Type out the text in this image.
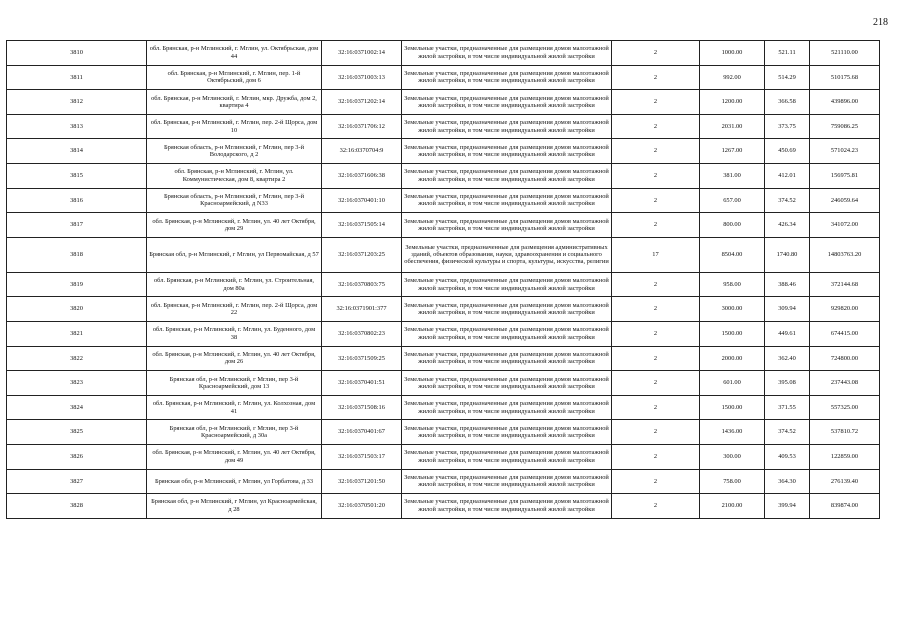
218
3810	обл. Брянская, р-н Мглинский, г. Мглин, ул. Октябрьская, дом 44	32:16:0371002:14	Земельные участки, предназначенные для размещения домов малоэтажной жилой застройки, в том числе индивидуальной жилой застройки	2	1000.00	521.11	521110.00
3811	обл. Брянская, р-н Мглинский, г. Мглин, пер. 1-й Октябрьский, дом 6	32:16:0371003:13	Земельные участки, предназначенные для размещения домов малоэтажной жилой застройки, в том числе индивидуальной жилой застройки	2	992.00	514.29	510175.68
3812	обл. Брянская, р-н Мглинский, г. Мглин, мкр. Дружба, дом 2, квартира 4	32:16:0371202:14	Земельные участки, предназначенные для размещения домов малоэтажной жилой застройки, в том числе индивидуальной жилой застройки	2	1200.00	366.58	439896.00
3813	обл. Брянская, р-н Мглинский, г. Мглин, пер. 2-й Щорса, дом 10	32:16:0371706:12	Земельные участки, предназначенные для размещения домов малоэтажной жилой застройки, в том числе индивидуальной жилой застройки	2	2031.00	373.75	759086.25
3814	Брянская область, р-н Мглинский, г Мглин, пер 3-й Володарского, д 2	32:16:0370704:9	Земельные участки, предназначенные для размещения домов малоэтажной жилой застройки, в том числе индивидуальной жилой застройки	2	1267.00	450.69	571024.23
3815	обл. Брянская, р-н Мглинский, г. Мглин, ул. Коммунистическая, дом 8, квартира 2	32:16:0371606:38	Земельные участки, предназначенные для размещения домов малоэтажной жилой застройки, в том числе индивидуальной жилой застройки	2	381.00	412.01	156975.81
3816	Брянская область, р-н Мглинский, г Мглин, пер 3-й Красноармейский, д N33	32:16:0370401:10	Земельные участки, предназначенные для размещения домов малоэтажной жилой застройки, в том числе индивидуальной жилой застройки	2	657.00	374.52	246059.64
3817	обл. Брянская, р-н Мглинский, г. Мглин, ул. 40 лет Октября, дом 29	32:16:0371505:14	Земельные участки, предназначенные для размещения домов малоэтажной жилой застройки, в том числе индивидуальной жилой застройки	2	800.00	426.34	341072.00
3818	Брянская обл, р-н Мглинский, г Мглин, ул Первомайская, д 57	32:16:0371203:25	Земельные участки, предназначенные для размещения административных зданий, объектов образования, науки, здравоохранения и социального обеспечения, физической культуры и спорта, культуры, искусства, религии	17	8504.00	1740.80	14803763.20
3819	обл. Брянская, р-н Мглинский, г. Мглин, ул. Строительная, дом 80а	32:16:0370803:75	Земельные участки, предназначенные для размещения домов малоэтажной жилой застройки, в том числе индивидуальной жилой застройки	2	958.00	388.46	372144.68
3820	обл. Брянская, р-н Мглинский, г. Мглин, пер. 2-й Щорса, дом 22	32:16:0371901:377	Земельные участки, предназначенные для размещения домов малоэтажной жилой застройки, в том числе индивидуальной жилой застройки	2	3000.00	309.94	929820.00
3821	обл. Брянская, р-н Мглинский, г. Мглин, ул. Буденного, дом 38	32:16:0370802:23	Земельные участки, предназначенные для размещения домов малоэтажной жилой застройки, в том числе индивидуальной жилой застройки	2	1500.00	449.61	674415.00
3822	обл. Брянская, р-н Мглинский, г. Мглин, ул. 40 лет Октября, дом 26	32:16:0371509:25	Земельные участки, предназначенные для размещения домов малоэтажной жилой застройки, в том числе индивидуальной жилой застройки	2	2000.00	362.40	724800.00
3823	Брянская обл, р-н Мглинский, г Мглин, пер 3-й Красноармейский, дом 13	32:16:0370401:51	Земельные участки, предназначенные для размещения домов малоэтажной жилой застройки, в том числе индивидуальной жилой застройки	2	601.00	395.08	237443.08
3824	обл. Брянская, р-н Мглинский, г. Мглин, ул. Колхозная, дом 41	32:16:0371508:16	Земельные участки, предназначенные для размещения домов малоэтажной жилой застройки, в том числе индивидуальной жилой застройки	2	1500.00	371.55	557325.00
3825	Брянская обл, р-н Мглинский, г Мглин, пер 3-й Красноармейский, д 30а	32:16:0370401:67	Земельные участки, предназначенные для размещения домов малоэтажной жилой застройки, в том числе индивидуальной жилой застройки	2	1436.00	374.52	537810.72
3826	обл. Брянская, р-н Мглинский, г. Мглин, ул. 40 лет Октября, дом 49	32:16:0371503:17	Земельные участки, предназначенные для размещения домов малоэтажной жилой застройки, в том числе индивидуальной жилой застройки	2	300.00	409.53	122859.00
3827	Брянская обл, р-н Мглинский, г Мглин, ул Горбатова, д 33	32:16:0371201:50	Земельные участки, предназначенные для размещения домов малоэтажной жилой застройки, в том числе индивидуальной жилой застройки	2	758.00	364.30	276139.40
3828	Брянская обл, р-н Мглинский, г Мглин, ул Красноармейская, д 28	32:16:0370501:20	Земельные участки, предназначенные для размещения домов малоэтажной жилой застройки, в том числе индивидуальной жилой застройки	2	2100.00	399.94	839874.00
